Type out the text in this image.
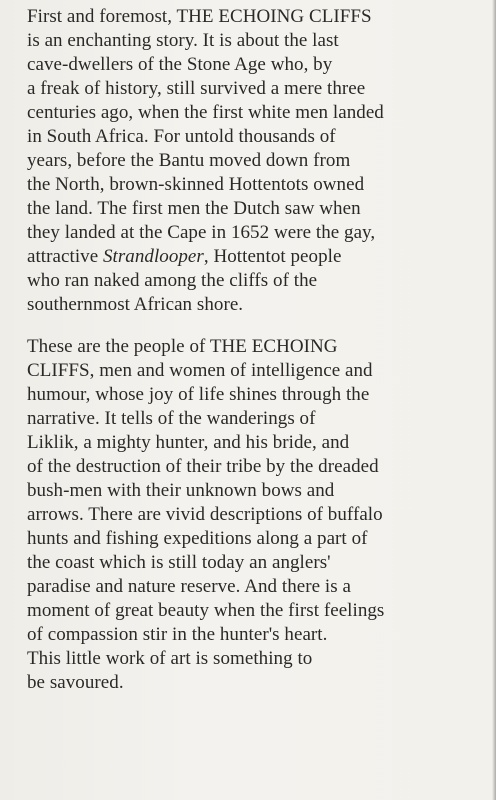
First and foremost, THE ECHOING CLIFFS
is an enchanting story. It is about the last
cave-dwellers of the Stone Age who, by
a freak of history, still survived a mere three
centuries ago, when the first white men landed
in South Africa. For untold thousands of
years, before the Bantu moved down from
the North, brown-skinned Hottentots owned
the land. The first men the Dutch saw when
they landed at the Cape in 1652 were the gay,
attractive Strandlooper, Hottentot people
who ran naked among the cliffs of the
southernmost African shore.
These are the people of THE ECHOING
CLIFFS, men and women of intelligence and
humour, whose joy of life shines through the
narrative. It tells of the wanderings of
Liklik, a mighty hunter, and his bride, and
of the destruction of their tribe by the dreaded
bush-men with their unknown bows and
arrows. There are vivid descriptions of buffalo
hunts and fishing expeditions along a part of
the coast which is still today an anglers'
paradise and nature reserve. And there is a
moment of great beauty when the first feelings
of compassion stir in the hunter's heart.
This little work of art is something to
be savoured.
